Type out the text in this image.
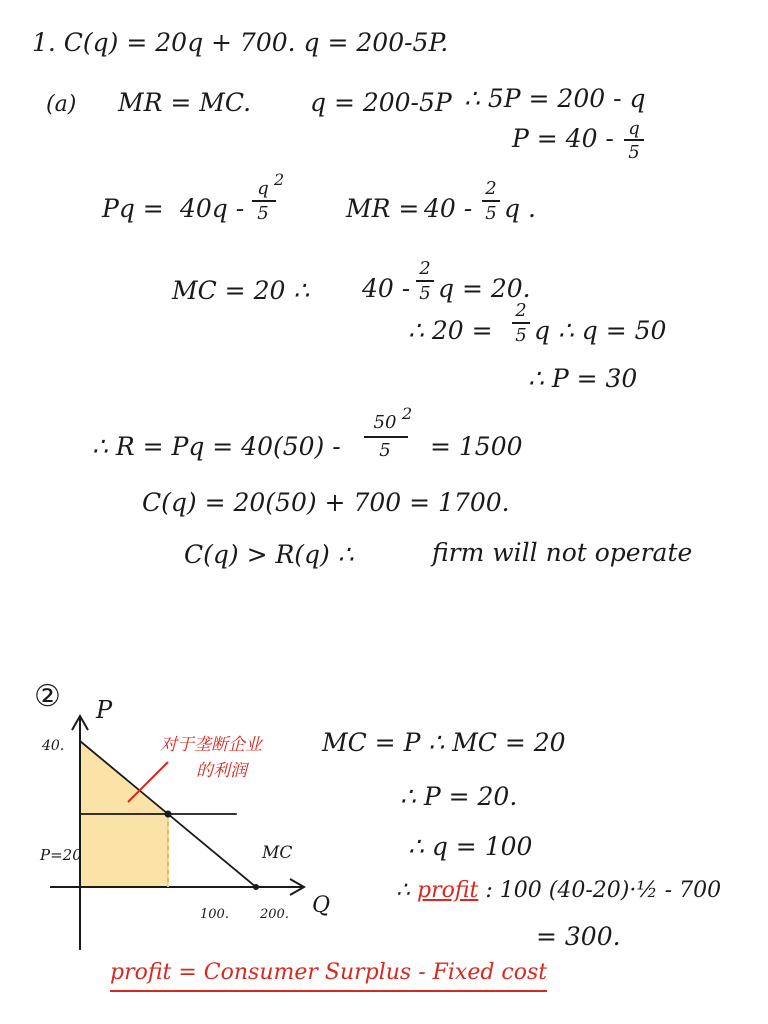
1. C(q) = 20q + 700. q = 200-5P.
(a) MR = MC. q = 200-5P ∴ 5P = 200 - q
P = 40 - q
5
Pq = 40q -
q 2
5	MR = 40 -
2
5 q .
MC = 20 ∴ 40 -
2
5 q = 20.
∴ 20 =
2
5 q ∴ q = 50
∴ P = 30
∴ R = Pq = 40(50) -
50 2
5	= 1500
C(q) = 20(50) + 700 = 1700.
C(q) > R(q) ∴	firm will not operate
② P
Q
40.
P=20
100. 200.
MC
对于垄断企业
的利润
MC = P ∴ MC = 20
∴ P = 20.
∴ q = 100
∴ profit : 100 (40-20)·½ - 700
= 300.
profit = Consumer Surplus - Fixed cost
